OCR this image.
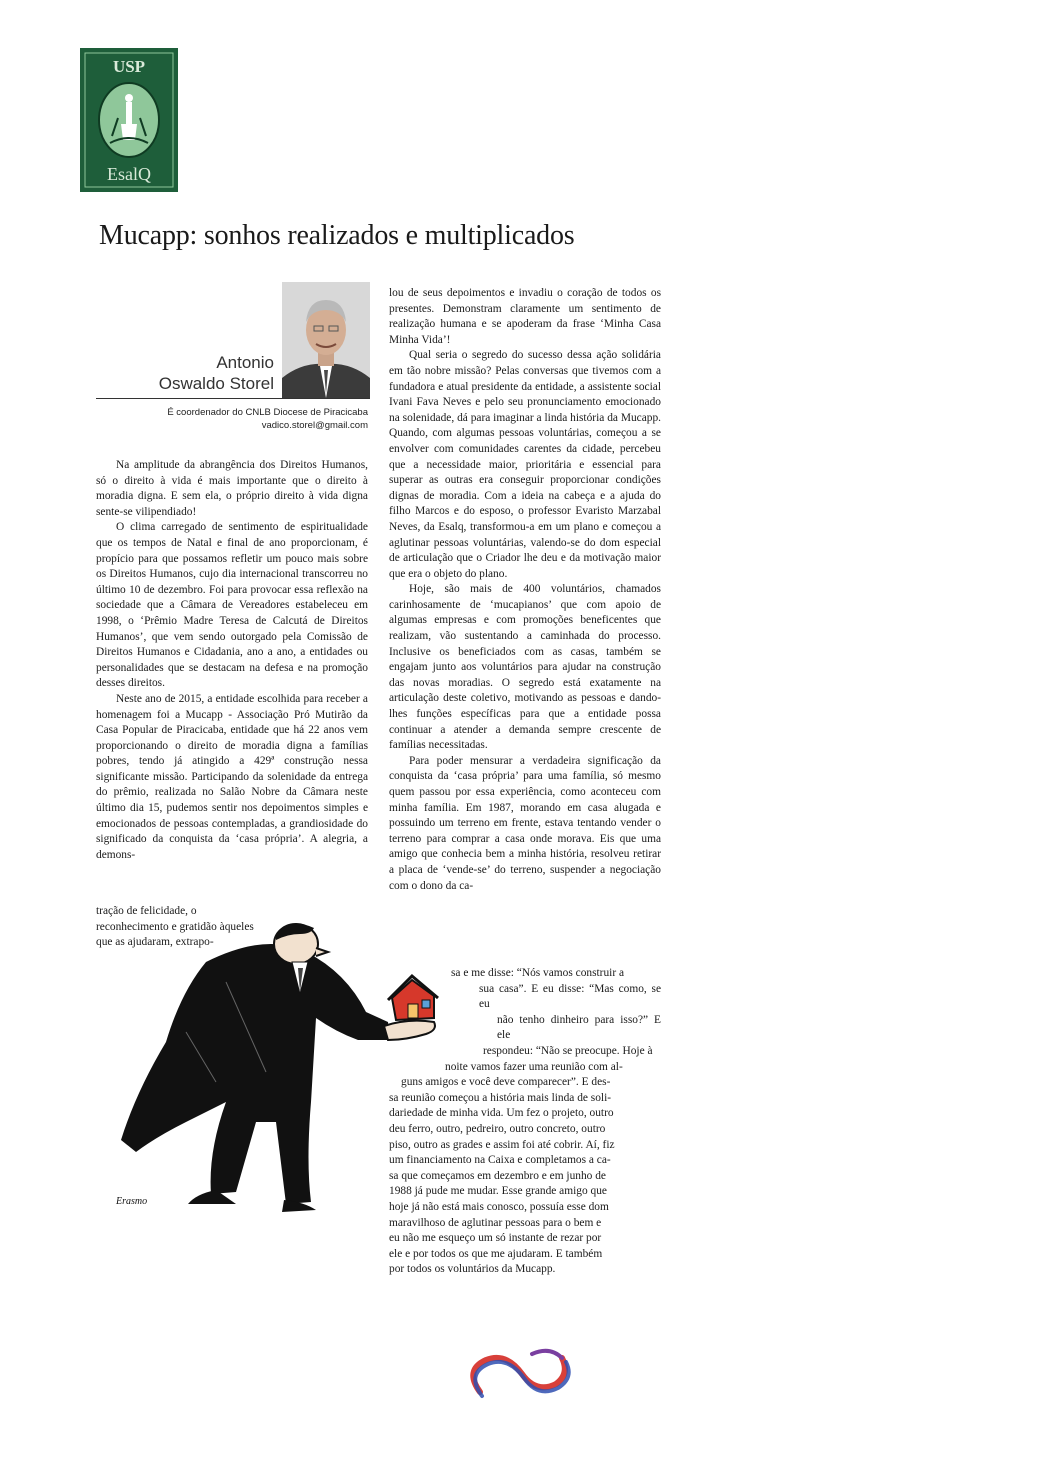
USP
EsalQ
Mucapp: sonhos realizados e multiplicados
Antonio
Oswaldo Storel
É coordenador do CNLB Diocese de Piracicaba
vadico.storel@gmail.com

Na amplitude da abrangência dos Direitos Humanos, só o direito à vida é mais importante que o direito à moradia digna. E sem ela, o próprio direito à vida digna sente-se vilipendiado!

O clima carregado de sentimento de espiritualidade que os tempos de Natal e final de ano proporcionam, é propício para que possamos refletir um pouco mais sobre os Direitos Humanos, cujo dia internacional transcorreu no último 10 de dezembro. Foi para provocar essa reflexão na sociedade que a Câmara de Vereadores estabeleceu em 1998, o ‘Prêmio Madre Teresa de Calcutá de Direitos Humanos’, que vem sendo outorgado pela Comissão de Direitos Humanos e Cidadania, ano a ano, a entidades ou personalidades que se destacam na defesa e na promoção desses direitos.

Neste ano de 2015, a entidade escolhida para receber a homenagem foi a Mucapp - Associação Pró Mutirão da Casa Popular de Piracicaba, entidade que há 22 anos vem proporcionando o direito de moradia digna a famílias pobres, tendo já atingido a 429ª construção nessa significante missão. Participando da solenidade da entrega do prêmio, realizada no Salão Nobre da Câmara neste último dia 15, pudemos sentir nos depoimentos simples e emocionados de pessoas contempladas, a grandiosidade do significado da conquista da ‘casa própria’. A alegria, a demons-

tração de felicidade, o reconhecimento e gratidão àqueles que as ajudaram, extrapo-

lou de seus depoimentos e invadiu o coração de todos os presentes. Demonstram claramente um sentimento de realização humana e se apoderam da frase ‘Minha Casa Minha Vida’!

Qual seria o segredo do sucesso dessa ação solidária em tão nobre missão? Pelas conversas que tivemos com a fundadora e atual presidente da entidade, a assistente social Ivani Fava Neves e pelo seu pronunciamento emocionado na solenidade, dá para imaginar a linda história da Mucapp. Quando, com algumas pessoas voluntárias, começou a se envolver com comunidades carentes da cidade, percebeu que a necessidade maior, prioritária e essencial para superar as outras era conseguir proporcionar condições dignas de moradia. Com a ideia na cabeça e a ajuda do filho Marcos e do esposo, o professor Evaristo Marzabal Neves, da Esalq, transformou-a em um plano e começou a aglutinar pessoas voluntárias, valendo-se do dom especial de articulação que o Criador lhe deu e da motivação maior que era o objeto do plano.

Hoje, são mais de 400 voluntários, chamados carinhosamente de ‘mucapianos’ que com apoio de algumas empresas e com promoções beneficentes que realizam, vão sustentando a caminhada do processo. Inclusive os beneficiados com as casas, também se engajam junto aos voluntários para ajudar na construção das novas moradias. O segredo está exatamente na articulação deste coletivo, motivando as pessoas e dando-lhes funções específicas para que a entidade possa continuar a atender a demanda sempre crescente de famílias necessitadas.

Para poder mensurar a verdadeira significação da conquista da ‘casa própria’ para uma família, só mesmo quem passou por essa experiência, como aconteceu com minha família. Em 1987, morando em casa alugada e possuindo um terreno em frente, estava tentando vender o terreno para comprar a casa onde morava. Eis que uma amigo que conhecia bem a minha história, resolveu retirar a placa de ‘vende-se’ do terreno, suspender a negociação com o dono da ca-

sa e me disse: “Nós vamos construir a

sua casa”. E eu disse: “Mas como, se eu

não tenho dinheiro para isso?” E ele

respondeu: “Não se preocupe. Hoje à

noite vamos fazer uma reunião com al-

guns amigos e você deve comparecer”. E des-

sa reunião começou a história mais linda de soli-

dariedade de minha vida. Um fez o projeto, outro

deu ferro, outro, pedreiro, outro concreto, outro

piso, outro as grades e assim foi até cobrir. Aí, fiz

um financiamento na Caixa e completamos a ca-

sa que começamos em dezembro e em junho de

1988 já pude me mudar. Esse grande amigo que

hoje já não está mais conosco, possuía esse dom

maravilhoso de aglutinar pessoas para o bem e

eu não me esqueço um só instante de rezar por

ele e por todos os que me ajudaram. E também

por todos os voluntários da Mucapp.

Erasmo
